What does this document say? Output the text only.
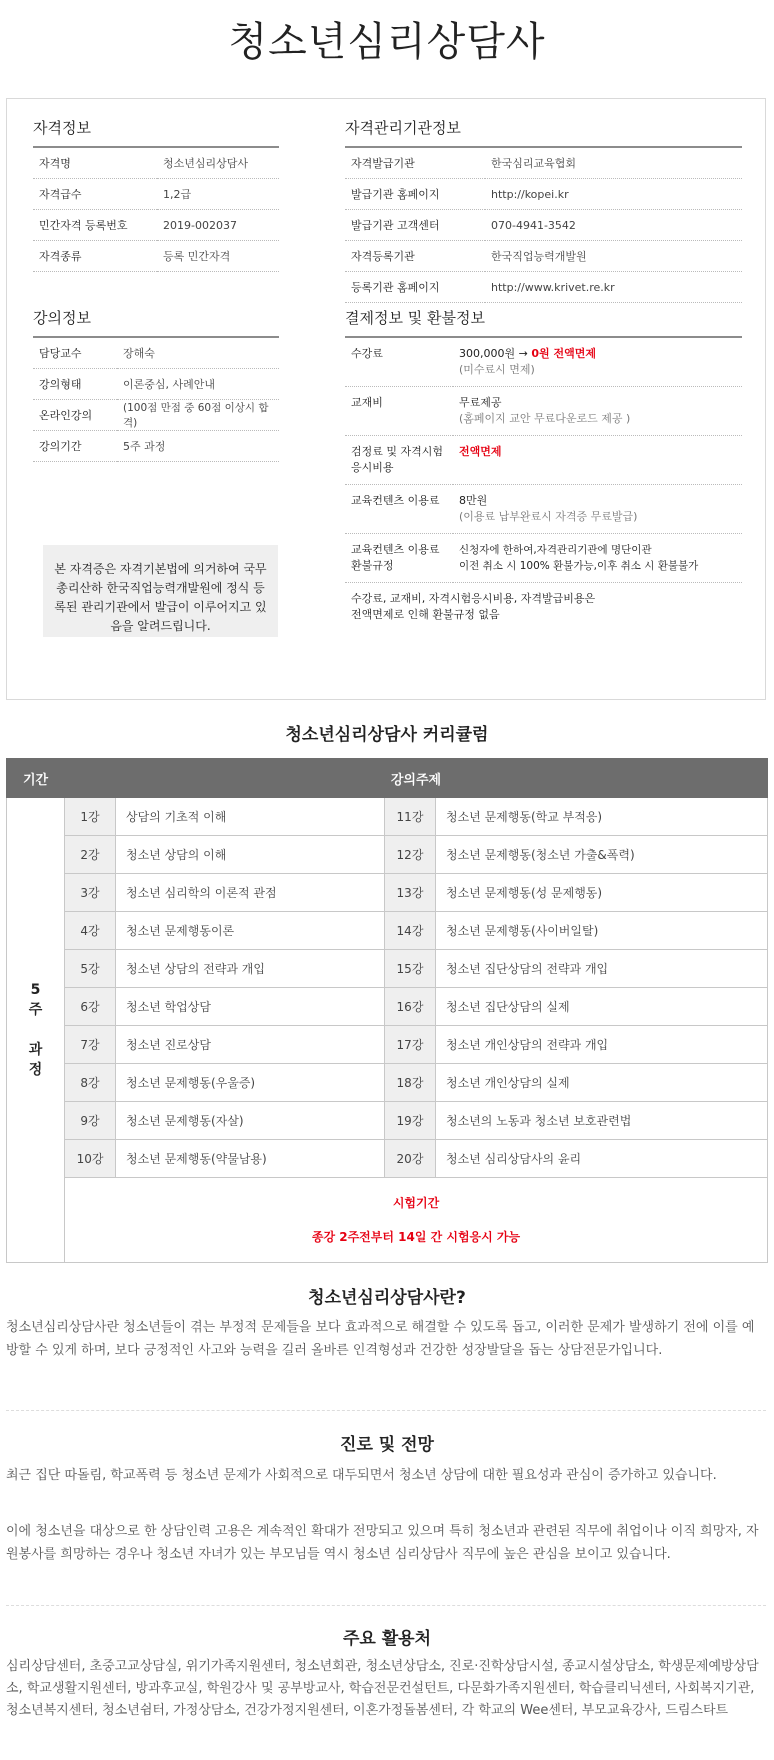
청소년심리상담사
자격정보
자격명	청소년심리상담사
자격급수	1,2급
민간자격 등록번호	2019-002037
자격종류	등록 민간자격
자격관리기관정보
자격발급기관	한국심리교육협회
발급기관 홈페이지	http://kopei.kr
발급기관 고객센터	070-4941-3542
자격등록기관	한국직업능력개발원
등록기관 홈페이지	http://www.krivet.re.kr
강의정보
담당교수	장해숙
강의형태	이론중심, 사례안내
온라인강의	(100점 만점 중 60점 이상시 합격)
강의기간	5주 과정
본 자격증은 자격기본법에 의거하여 국무총리산하 한국직업능력개발원에 정식 등록된 관리기관에서 발급이 이루어지고 있음을 알려드립니다.
결제정보 및 환불정보
수강료	300,000원 → 0원 전액면제
(미수료시 면제)
교재비	무료제공
(홈페이지 교안 무료다운로드 제공 )
검정료 및 자격시험
응시비용	전액면제
교육컨텐츠 이용료	8만원
(이용료 납부완료시 자격증 무료발급)
교육컨텐츠 이용료
환불규정	신청자에 한하여,자격관리기관에 명단이관
이전 취소 시 100% 환불가능,이후 취소 시 환불불가
수강료, 교재비, 자격시험응시비용, 자격발급비용은
전액면제로 인해 환불규정 없음	
청소년심리상담사 커리큘럼
기간	강의주제			
5
주

과
정	1강	상담의 기초적 이해	11강	청소년 문제행동(학교 부적응)
	2강	청소년 상담의 이해	12강	청소년 문제행동(청소년 가출&폭력)
	3강	청소년 심리학의 이론적 관점	13강	청소년 문제행동(성 문제행동)
	4강	청소년 문제행동이론	14강	청소년 문제행동(사이버일탈)
	5강	청소년 상담의 전략과 개입	15강	청소년 집단상담의 전략과 개입
	6강	청소년 학업상담	16강	청소년 집단상담의 실제
	7강	청소년 진로상담	17강	청소년 개인상담의 전략과 개입
	8강	청소년 문제행동(우울증)	18강	청소년 개인상담의 실제
	9강	청소년 문제행동(자살)	19강	청소년의 노동과 청소년 보호관련법
	10강	청소년 문제행동(약물남용)	20강	청소년 심리상담사의 윤리
	시험기간
종강 2주전부터 14일 간 시험응시 가능			
청소년심리상담사란?
청소년심리상담사란 청소년들이 겪는 부정적 문제들을 보다 효과적으로 해결할 수 있도록 돕고, 이러한 문제가 발생하기 전에 이를 예방할 수 있게 하며, 보다 긍정적인 사고와 능력을 길러 올바른 인격형성과 건강한 성장발달을 돕는 상담전문가입니다.
진로 및 전망
최근 집단 따돌림, 학교폭력 등 청소년 문제가 사회적으로 대두되면서 청소년 상담에 대한 필요성과 관심이 증가하고 있습니다.
이에 청소년을 대상으로 한 상담인력 고용은 계속적인 확대가 전망되고 있으며 특히 청소년과 관련된 직무에 취업이나 이직 희망자, 자원봉사를 희망하는 경우나 청소년 자녀가 있는 부모님들 역시 청소년 심리상담사 직무에 높은 관심을 보이고 있습니다.
주요 활용처
심리상담센터, 초중고교상담실, 위기가족지원센터, 청소년회관, 청소년상담소, 진로·진학상담시설, 종교시설상담소, 학생문제예방상담소, 학교생활지원센터, 방과후교실, 학원강사 및 공부방교사, 학습전문컨설턴트, 다문화가족지원센터, 학습클리닉센터, 사회복지기관, 청소년복지센터, 청소년쉼터, 가정상담소, 건강가정지원센터, 이혼가정돌봄센터, 각 학교의 Wee센터, 부모교육강사, 드림스타트
